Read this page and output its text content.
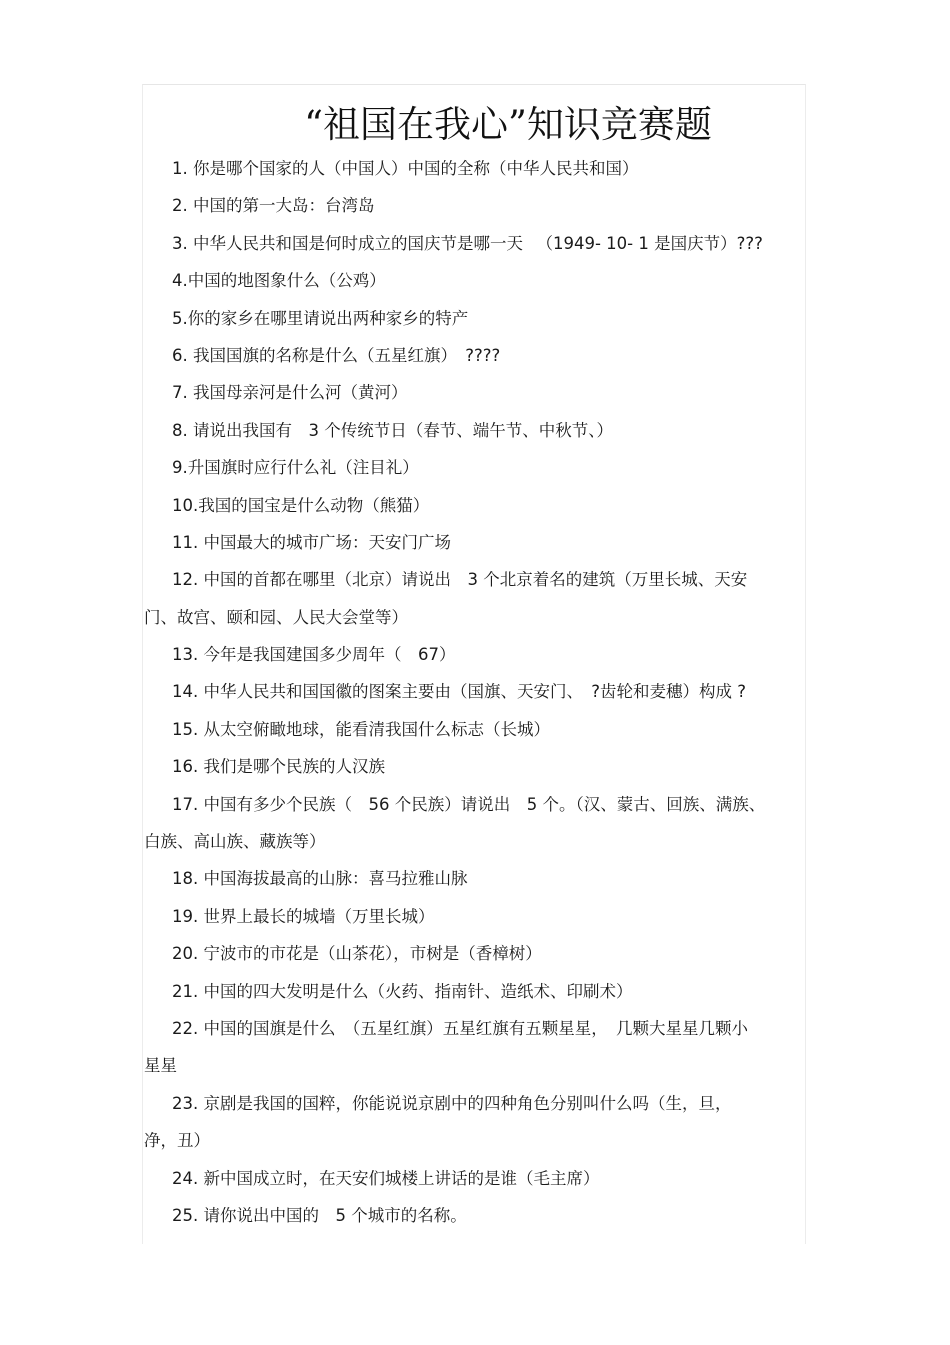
“祖国在我心”知识竞赛题
1. 你是哪个国家的人（中国人）中国的全称（中华人民共和国）
2. 中国的第一大岛：台湾岛
3. 中华人民共和国是何时成立的国庆节是哪一天 　（1949- 10- 1 是国庆节）???
4.中国的地图象什么（公鸡）
5.你的家乡在哪里请说出两种家乡的特产
6. 我国国旗的名称是什么（五星红旗）　????
7. 我国母亲河是什么河（黄河）
8. 请说出我国有　3 个传统节日（春节、端午节、中秋节、）
9.升国旗时应行什么礼（注目礼）
10.我国的国宝是什么动物（熊猫）
11. 中国最大的城市广场：天安门广场
12. 中国的首都在哪里（北京）请说出　3 个北京着名的建筑（万里长城、天安
门、故宫、颐和园、人民大会堂等）
13. 今年是我国建国多少周年（　67）
14. 中华人民共和国国徽的图案主要由（国旗、天安门、　?齿轮和麦穗）构成 ?
15. 从太空俯瞰地球，能看清我国什么标志（长城）
16. 我们是哪个民族的人汉族
17. 中国有多少个民族（　56 个民族）请说出　5 个。（汉、蒙古、回族、满族、
白族、高山族、藏族等）
18. 中国海拔最高的山脉：喜马拉雅山脉
19. 世界上最长的城墙（万里长城）
20. 宁波市的市花是（山茶花），市树是（香樟树）
21. 中国的四大发明是什么（火药、指南针、造纸术、印刷术）
22. 中国的国旗是什么　（五星红旗）五星红旗有五颗星星，　几颗大星星几颗小
星星
23. 京剧是我国的国粹，你能说说京剧中的四种角色分别叫什么吗（生，旦，
净，丑）
24. 新中国成立时，在天安们城楼上讲话的是谁（毛主席）
25. 请你说出中国的　5 个城市的名称。
